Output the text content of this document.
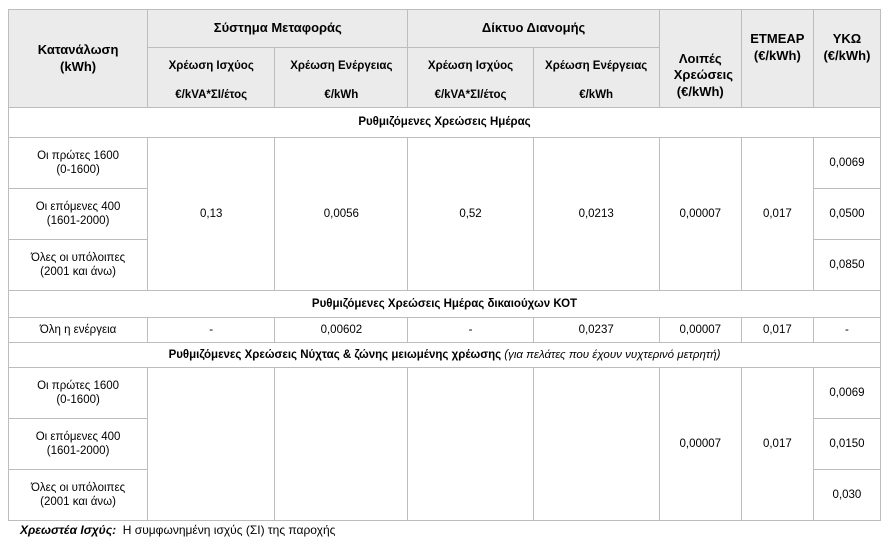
Κατανάλωση (kWh)	Σύστημα Μεταφοράς		Δίκτυο Διανομής		Λοιπές Χρεώσεις (€/kWh)	ΕΤΜΕΑΡ (€/kWh)	ΥΚΩ (€/kWh)
	Χρέωση Ισχύος	Χρέωση Ενέργειας	Χρέωση Ισχύος	Χρέωση Ενέργειας			
	€/kVA*ΣΙ/έτος	€/kWh	€/kVA*ΣΙ/έτος	€/kWh			
Ρυθμιζόμενες Χρεώσεις Ημέρας							
Οι πρώτες 1600
(0-1600)	0,13	0,0056	0,52	0,0213	0,00007	0,017	0,0069
Οι επόμενες 400
(1601-2000)							0,0500
Όλες οι υπόλοιπες
(2001 και άνω)							0,0850
Ρυθμιζόμενες Χρεώσεις Ημέρας δικαιούχων ΚΟΤ							
Όλη η ενέργεια	-	0,00602	-	0,0237	0,00007	0,017	-
Ρυθμιζόμενες Χρεώσεις Νύχτας & ζώνης μειωμένης χρέωσης (για πελάτες που έχουν νυχτερινό μετρητή)							
Οι πρώτες 1600
(0-1600)					0,00007	0,017	0,0069
Οι επόμενες 400
(1601-2000)							0,0150
Όλες οι υπόλοιπες
(2001 και άνω)							0,030
Χρεωστέα Ισχύς: Η συμφωνημένη ισχύς (ΣΙ) της παροχής
